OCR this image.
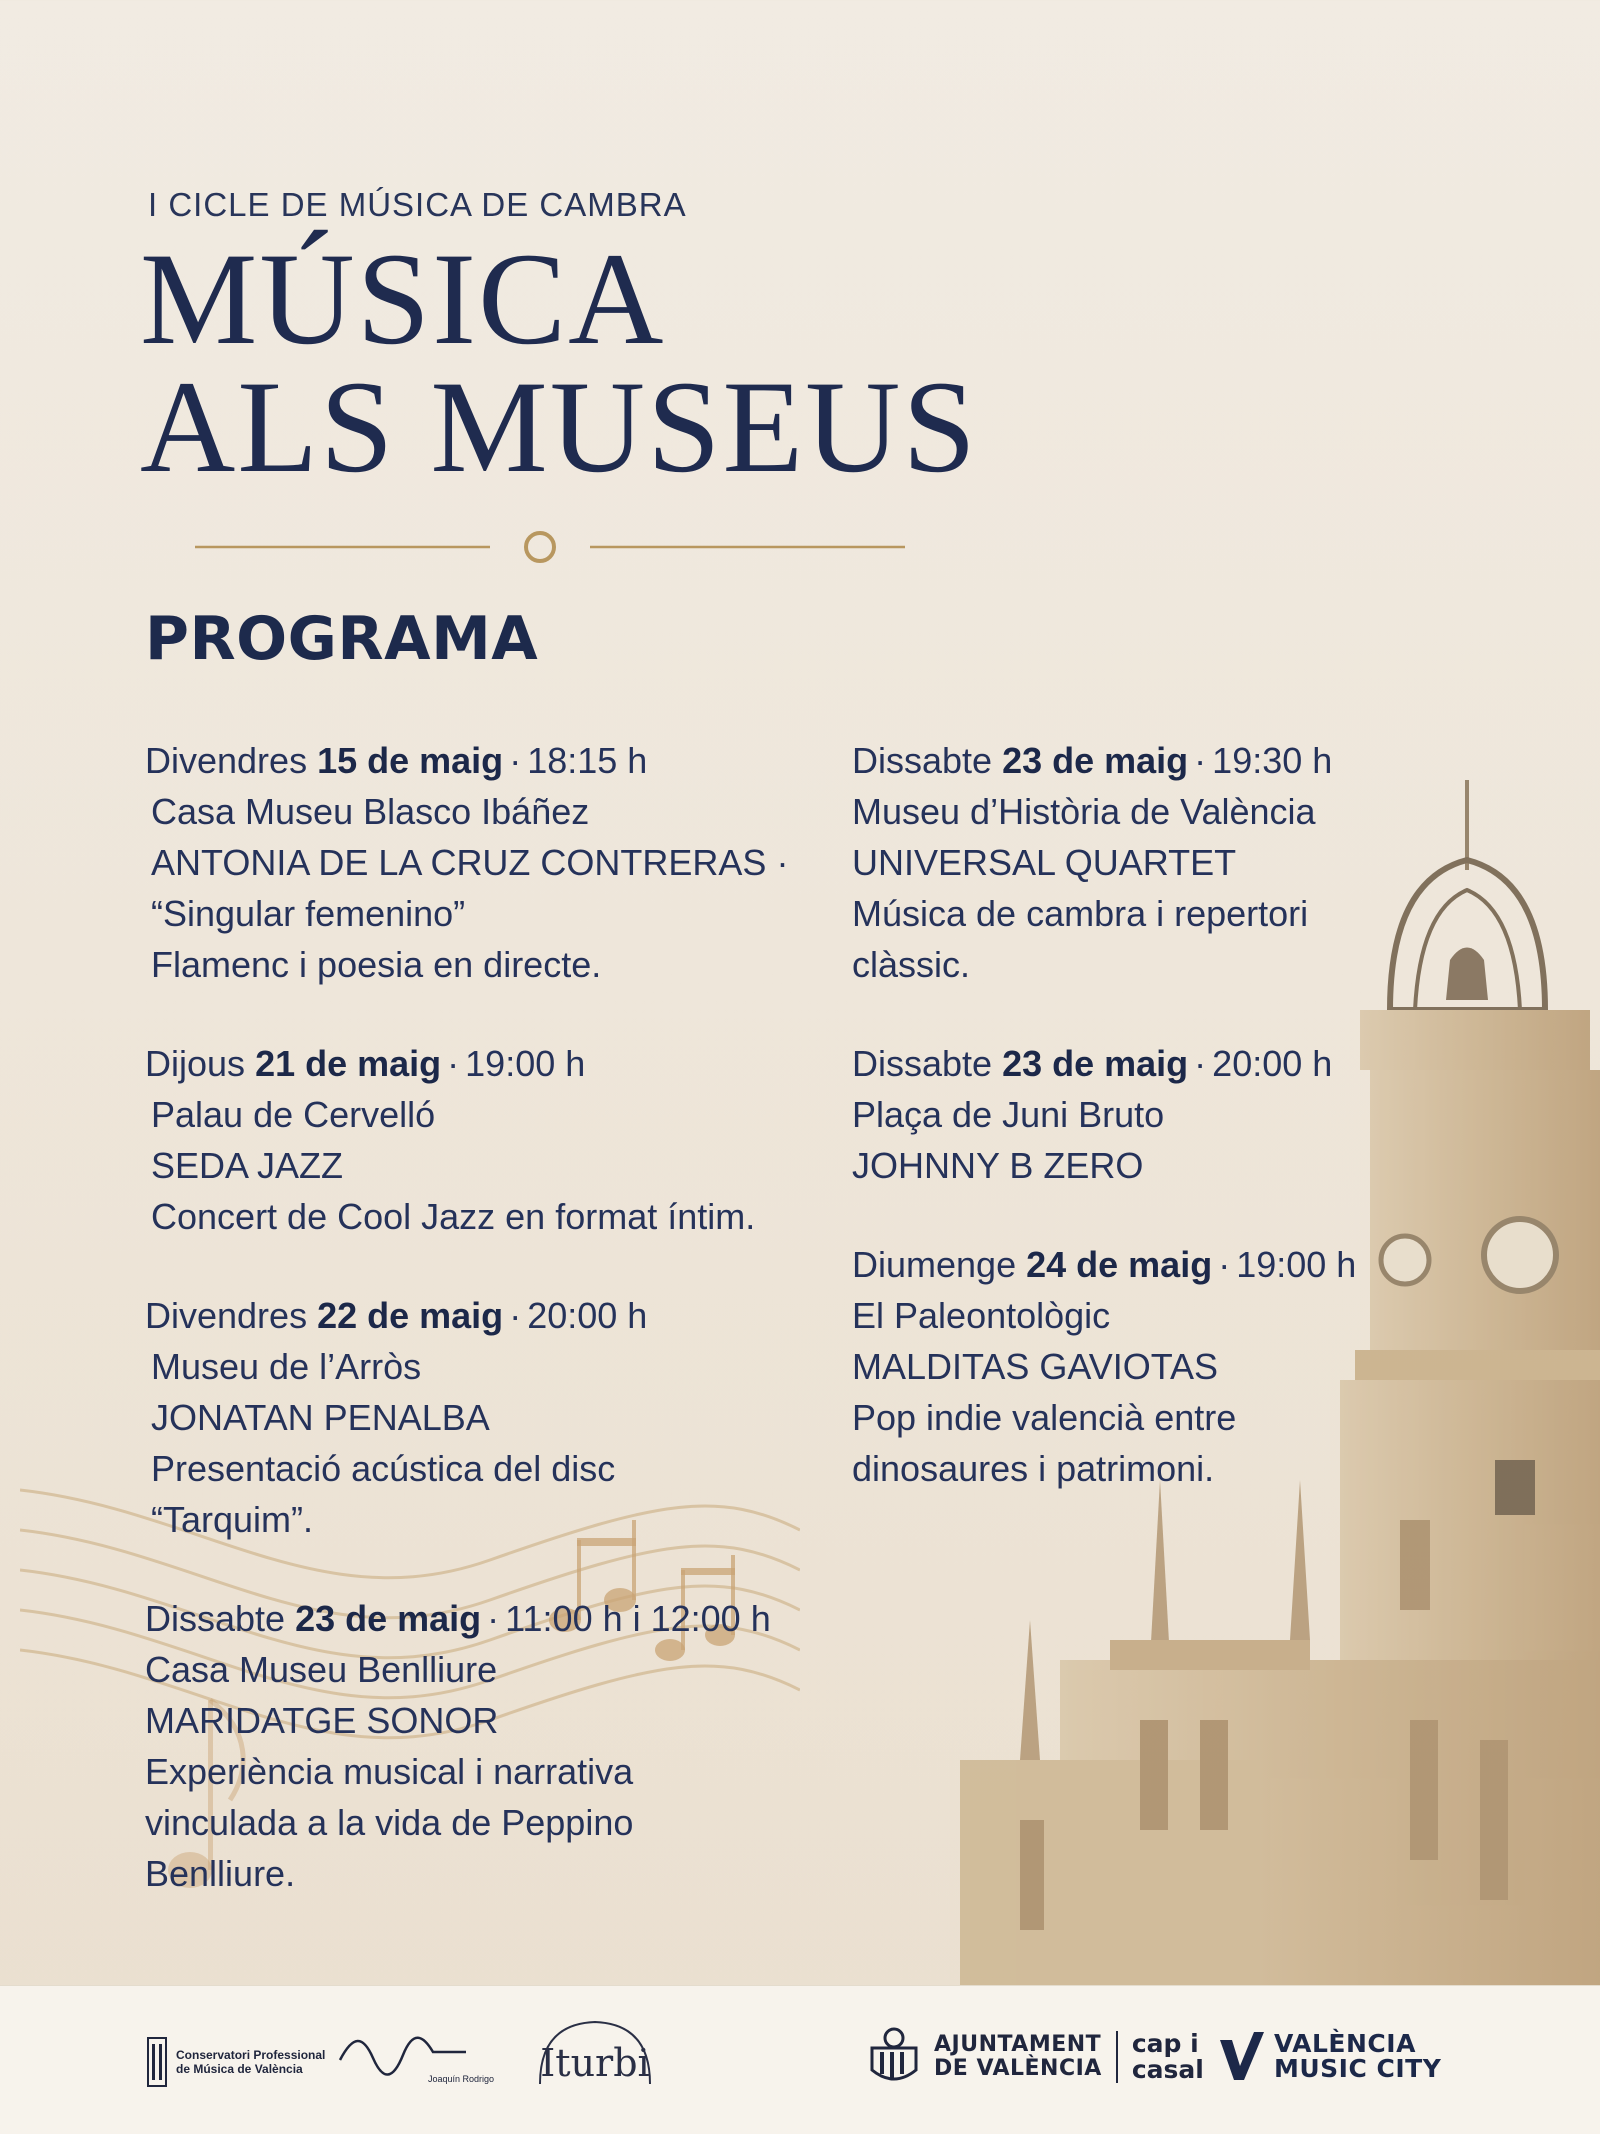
I CICLE DE MÚSICA DE CAMBRA
MÚSICA
ALS MUSEUS
PROGRAMA
Divendres 15 de maig · 18:15 h
Casa Museu Blasco Ibáñez
ANTONIA DE LA CRUZ CONTRERAS ·
“Singular femenino”
Flamenc i poesia en directe.
Dijous 21 de maig · 19:00 h
Palau de Cervelló
SEDA JAZZ
Concert de Cool Jazz en format íntim.
Divendres 22 de maig · 20:00 h
Museu de l’Arròs
JONATAN PENALBA
Presentació acústica del disc
“Tarquim”.
Dissabte 23 de maig · 11:00 h i 12:00 h
Casa Museu Benlliure
MARIDATGE SONOR
Experiència musical i narrativa
vinculada a la vida de Peppino
Benlliure.
Dissabte 23 de maig · 19:30 h
Museu d’Història de València
UNIVERSAL QUARTET
Música de cambra i repertori
clàssic.
Dissabte 23 de maig · 20:00 h
Plaça de Juni Bruto
JOHNNY B ZERO
Diumenge 24 de maig · 19:00 h
El Paleontològic
MALDITAS GAVIOTAS
Pop indie valencià entre
dinosaures i patrimoni.
Conservatori Professional
de Música de València
Joaquín Rodrigo Iturbi	AJUNTAMENT
DE VALÈNCIA
cap i
casal
VALÈNCIA
MUSIC CITY
